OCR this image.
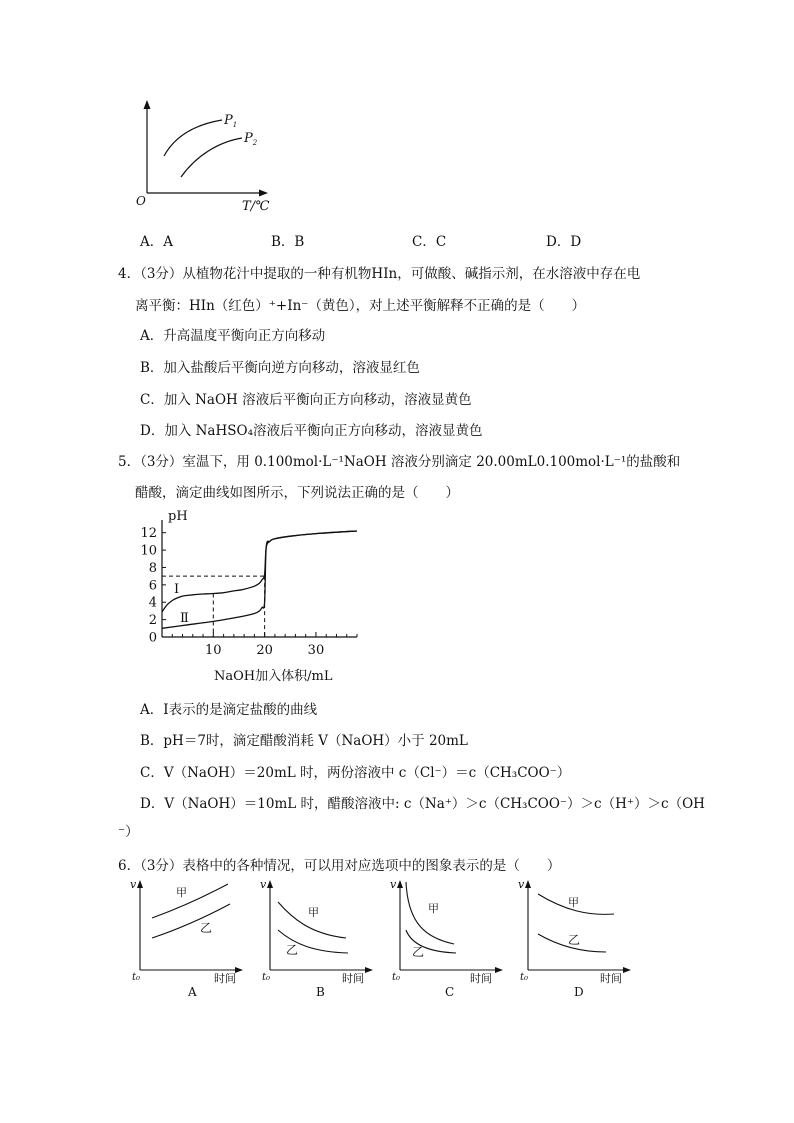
$P_1$
$P_2$
O	T/℃
A．A	B．B	C．C	D．D
4．（3分）从植物花汁中提取的一种有机物HIn，可做酸、碱指示剂，在水溶液中存在电
离平衡：HIn（红色）⁺+In⁻（黄色），对上述平衡解释不正确的是（　　）
A．升高温度平衡向正方向移动
B．加入盐酸后平衡向逆方向移动，溶液显红色
C．加入 NaOH 溶液后平衡向正方向移动，溶液显黄色
D．加入 NaHSO₄溶液后平衡向正方向移动，溶液显黄色
5．（3分）室温下，用 0.100mol·L⁻¹NaOH 溶液分别滴定 20.00mL0.100mol·L⁻¹的盐酸和
醋酸，滴定曲线如图所示，下列说法正确的是（　　）
0
2
4
6
8
10
12
10	20	30
pH
NaOH加入体积/mL
Ⅰ
Ⅱ
A．Ⅰ表示的是滴定盐酸的曲线
B．pH＝7时，滴定醋酸消耗 V（NaOH）小于 20mL
C．V（NaOH）＝20mL 时，两份溶液中 c（Cl⁻）＝c（CH₃COO⁻）
D．V（NaOH）＝10mL 时，醋酸溶液中: c（Na⁺）＞c（CH₃COO⁻）＞c（H⁺）＞c（OH
⁻）
6．（3分）表格中的各种情况，可以用对应选项中的图象表示的是（　　）
v
甲
乙
t₀	时间
A
v
甲
乙
t₀	时间
B
v
甲
乙
t₀	时间
C
v
甲
乙
t₀	时间
D
